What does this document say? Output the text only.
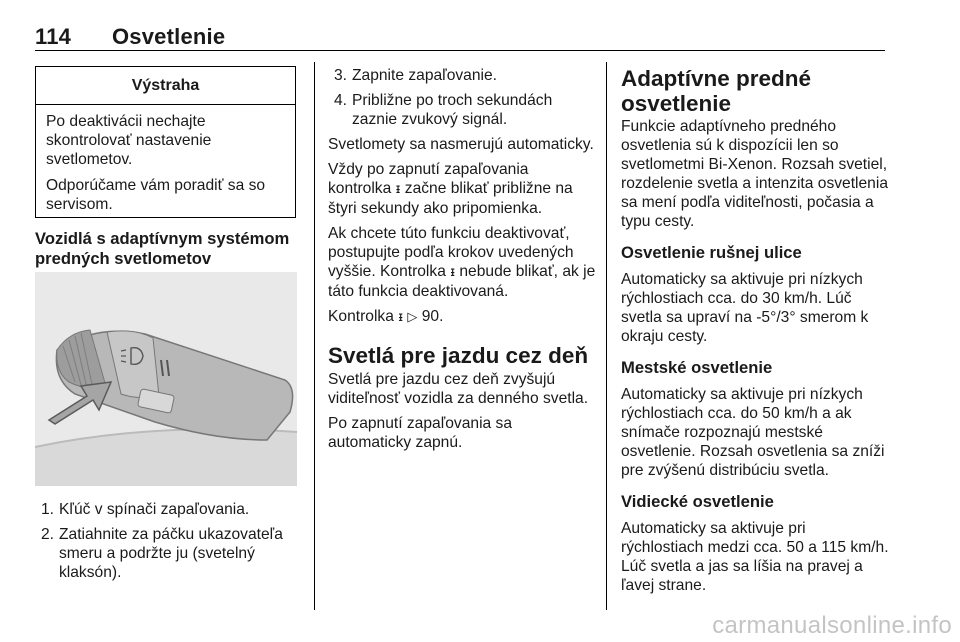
114 Osvetlenie
Výstraha

Po deaktivácii nechajte skontrolovať nastavenie svetlometov.

Odporúčame vám poradiť sa so servisom.

Vozidlá s adaptívnym systémom predných svetlometov
1. Kľúč v spínači zapaľovania.
2. Zatiahnite za páčku ukazovateľa smeru a podržte ju (svetelný klaksón).
3. Zapnite zapaľovanie.
4. Približne po troch sekundách zaznie zvukový signál.

Svetlomety sa nasmerujú automaticky.

Vždy po zapnutí zapaľovania kontrolka ᵻ začne blikať približne na štyri sekundy ako pripomienka.

Ak chcete túto funkciu deaktivovať, postupujte podľa krokov uvedených vyššie. Kontrolka ᵻ nebude blikať, ak je táto funkcia deaktivovaná.

Kontrolka ᵻ ▷ 90.

Svetlá pre jazdu cez deň

Svetlá pre jazdu cez deň zvyšujú viditeľnosť vozidla za denného svetla.

Po zapnutí zapaľovania sa automaticky zapnú.

Adaptívne predné osvetlenie

Funkcie adaptívneho predného osvetlenia sú k dispozícii len so svetlometmi Bi-Xenon. Rozsah svetiel, rozdelenie svetla a intenzita osvetlenia sa mení podľa viditeľnosti, počasia a typu cesty.

Osvetlenie rušnej ulice

Automaticky sa aktivuje pri nízkych rýchlostiach cca. do 30 km/h. Lúč svetla sa upraví na -5°/3° smerom k okraju cesty.

Mestské osvetlenie

Automaticky sa aktivuje pri nízkych rýchlostiach cca. do 50 km/h a ak snímače rozpoznajú mestské osvetlenie. Rozsah osvetlenia sa zníži pre zvýšenú distribúciu svetla.

Vidiecké osvetlenie

Automaticky sa aktivuje pri rýchlostiach medzi cca. 50 a 115 km/h. Lúč svetla a jas sa líšia na pravej a ľavej strane.

carmanualsonline.info
